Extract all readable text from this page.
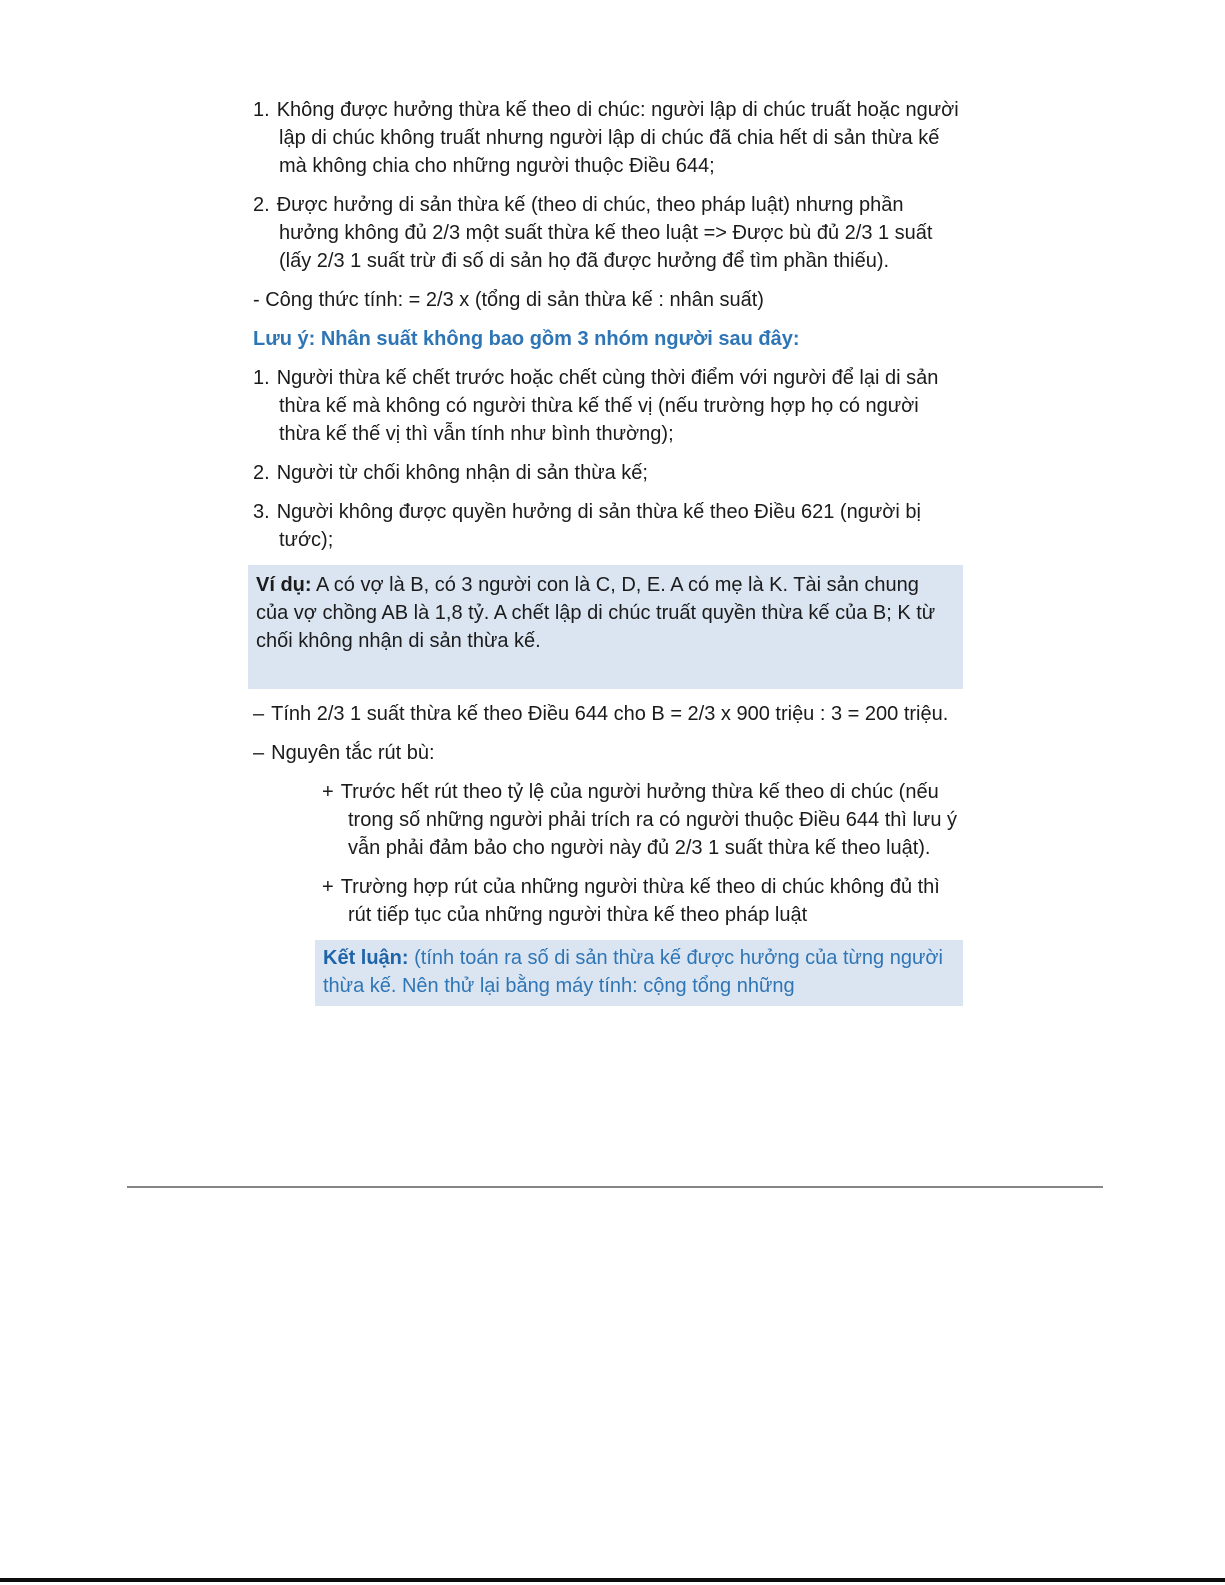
1. Không được hưởng thừa kế theo di chúc: người lập di chúc truất hoặc người lập di chúc không truất nhưng người lập di chúc đã chia hết di sản thừa kế mà không chia cho những người thuộc Điều 644;

2. Được hưởng di sản thừa kế (theo di chúc, theo pháp luật) nhưng phần hưởng không đủ 2/3 một suất thừa kế theo luật => Được bù đủ 2/3 1 suất (lấy 2/3 1 suất trừ đi số di sản họ đã được hưởng để tìm phần thiếu).

- Công thức tính: = 2/3 x (tổng di sản thừa kế : nhân suất)

Lưu ý: Nhân suất không bao gồm 3 nhóm người sau đây:

1. Người thừa kế chết trước hoặc chết cùng thời điểm với người để lại di sản thừa kế mà không có người thừa kế thế vị (nếu trường hợp họ có người thừa kế thế vị thì vẫn tính như bình thường);

2. Người từ chối không nhận di sản thừa kế;

3. Người không được quyền hưởng di sản thừa kế theo Điều 621 (người bị tước);

Ví dụ: A có vợ là B, có 3 người con là C, D, E. A có mẹ là K. Tài sản chung của vợ chồng AB là 1,8 tỷ. A chết lập di chúc truất quyền thừa kế của B; K từ chối không nhận di sản thừa kế.

– Tính 2/3 1 suất thừa kế theo Điều 644 cho B = 2/3 x 900 triệu : 3 = 200 triệu.

– Nguyên tắc rút bù:

+ Trước hết rút theo tỷ lệ của người hưởng thừa kế theo di chúc (nếu trong số những người phải trích ra có người thuộc Điều 644 thì lưu ý vẫn phải đảm bảo cho người này đủ 2/3 1 suất thừa kế theo luật).

+ Trường hợp rút của những người thừa kế theo di chúc không đủ thì rút tiếp tục của những người thừa kế theo pháp luật

Kết luận: (tính toán ra số di sản thừa kế được hưởng của từng người thừa kế. Nên thử lại bằng máy tính: cộng tổng những
